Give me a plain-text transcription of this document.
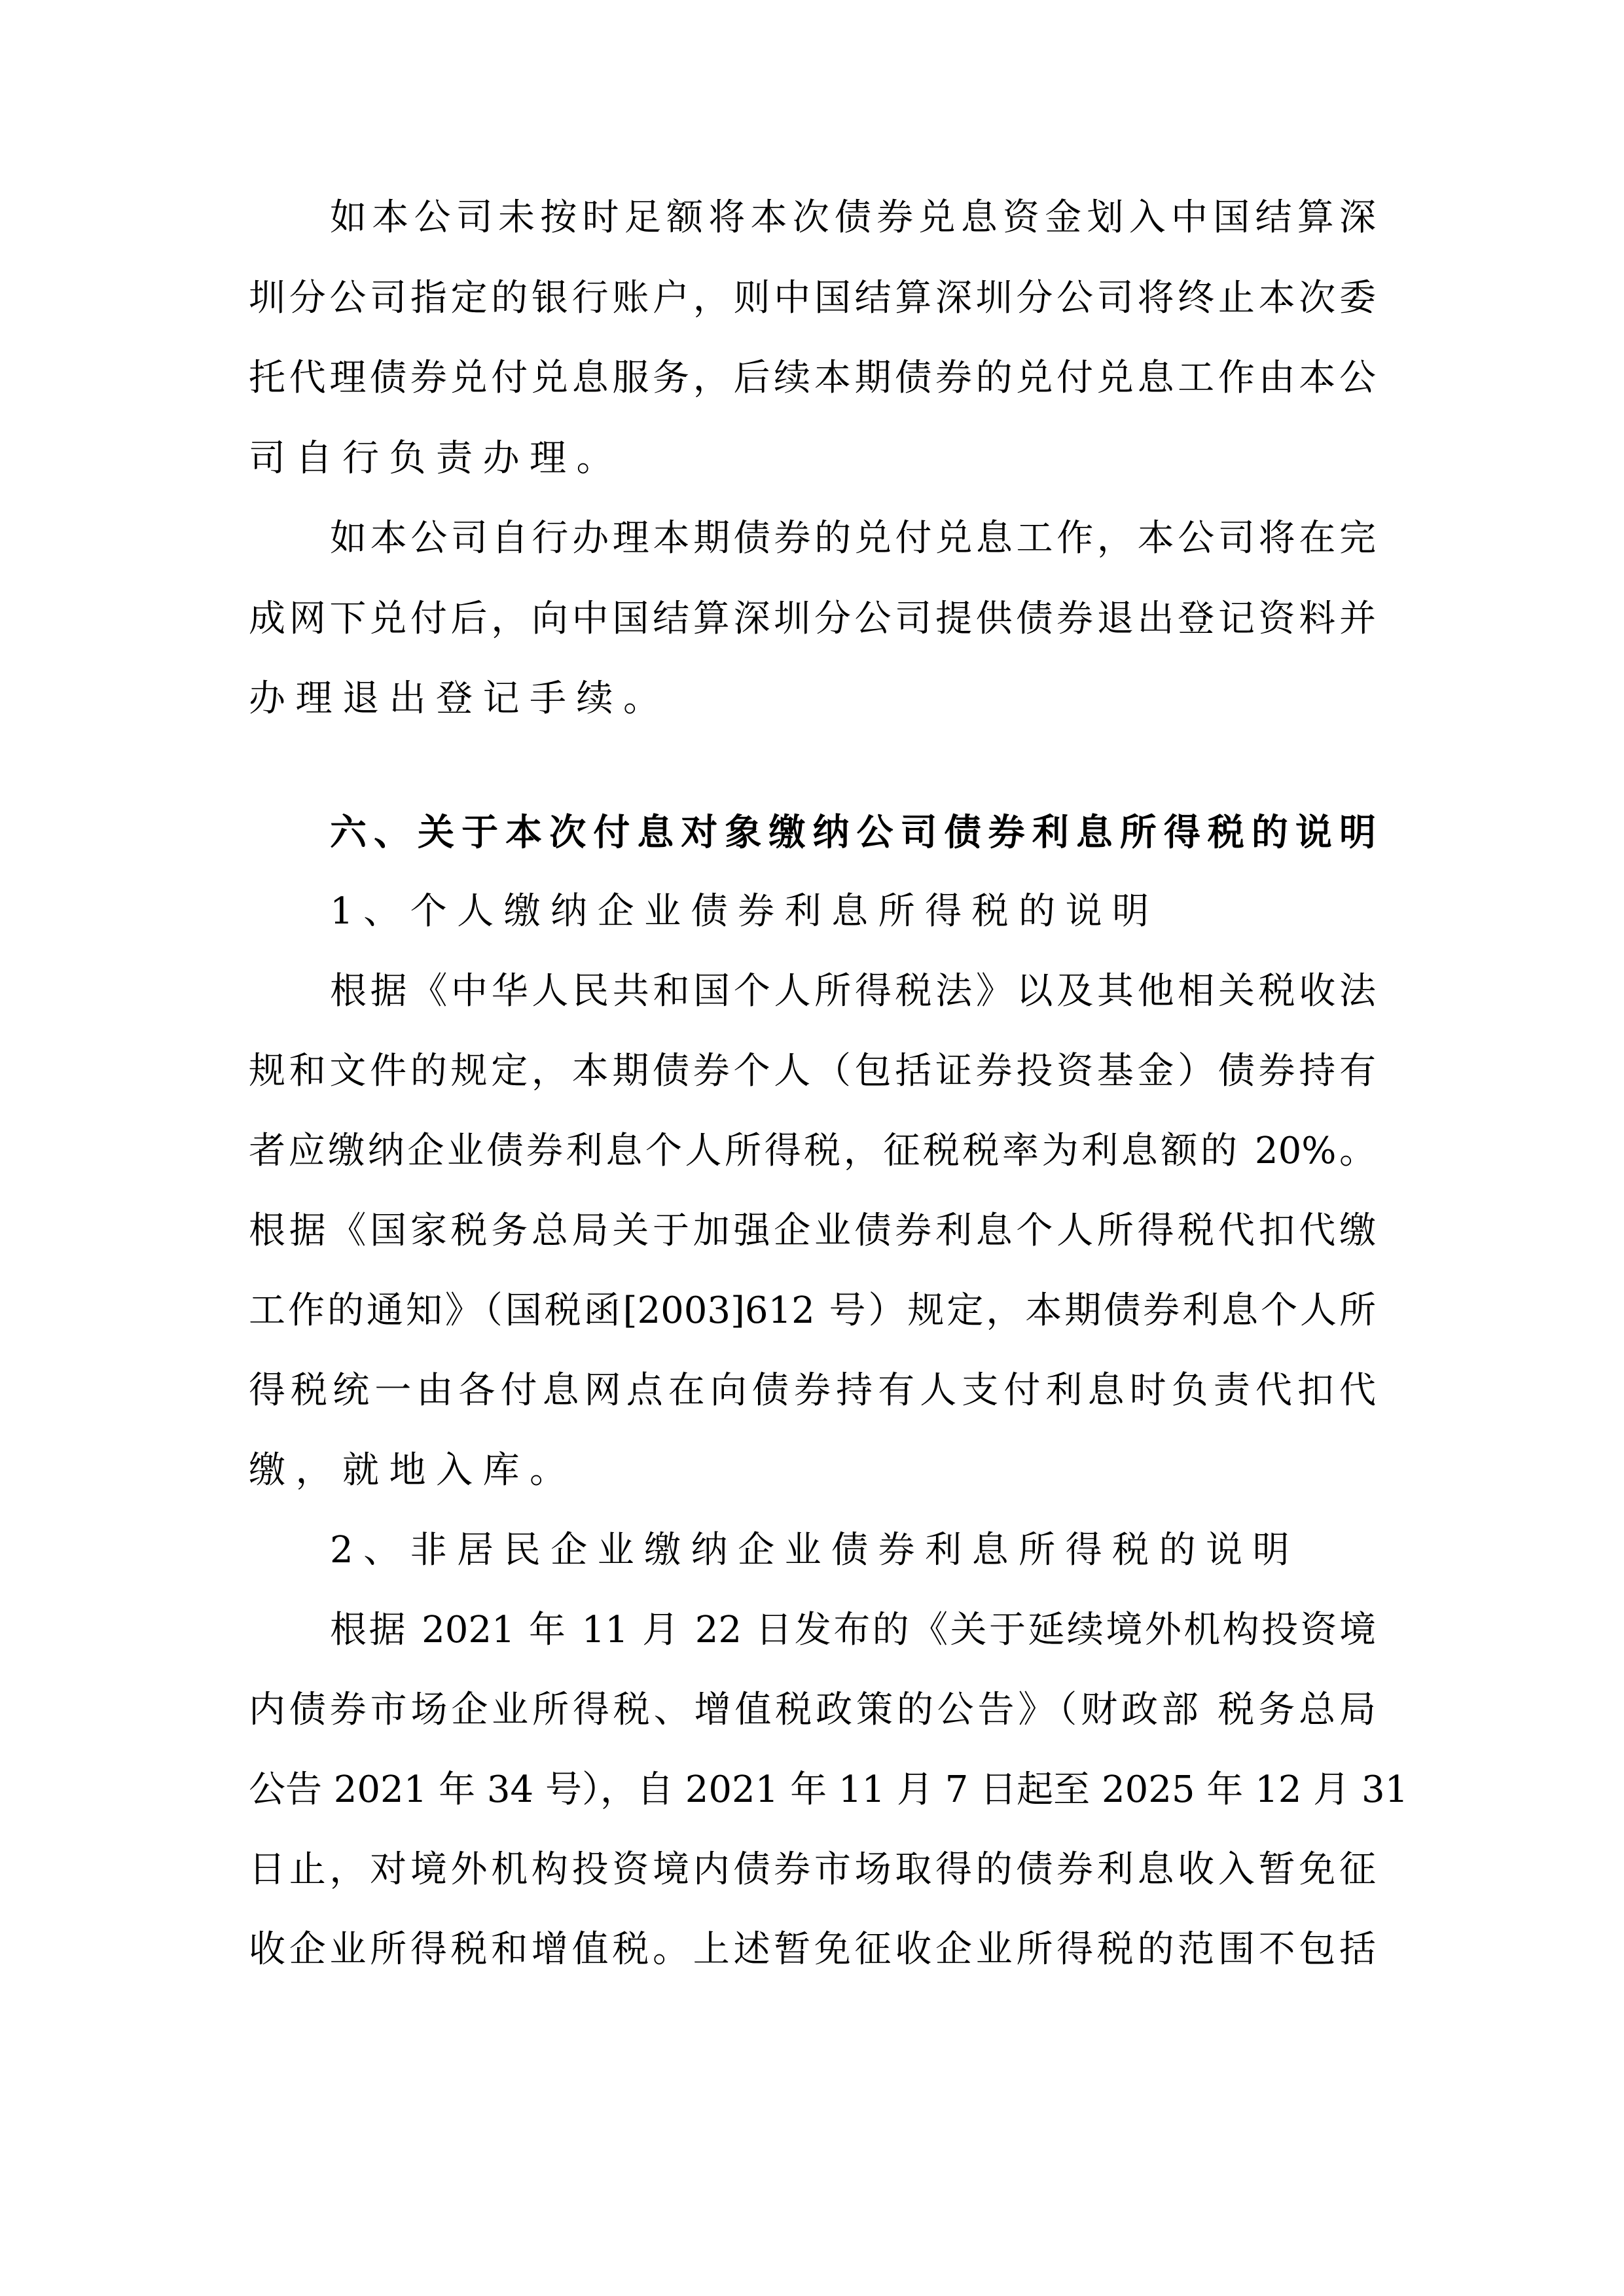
如本公司未按时足额将本次债券兑息资金划入中国结算深
圳分公司指定的银行账户，则中国结算深圳分公司将终止本次委
托代理债券兑付兑息服务，后续本期债券的兑付兑息工作由本公
司自行负责办理。
如本公司自行办理本期债券的兑付兑息工作，本公司将在完
成网下兑付后，向中国结算深圳分公司提供债券退出登记资料并
办理退出登记手续。
六、关于本次付息对象缴纳公司债券利息所得税的说明
1、个人缴纳企业债券利息所得税的说明
根据《中华人民共和国个人所得税法》以及其他相关税收法
规和文件的规定，本期债券个人（包括证券投资基金）债券持有
者应缴纳企业债券利息个人所得税，征税税率为利息额的 20%。
根据《国家税务总局关于加强企业债券利息个人所得税代扣代缴
工作的通知》（国税函[2003]612 号）规定，本期债券利息个人所
得税统一由各付息网点在向债券持有人支付利息时负责代扣代
缴，就地入库。
2、非居民企业缴纳企业债券利息所得税的说明
根据 2021 年 11 月 22 日发布的《关于延续境外机构投资境
内债券市场企业所得税、增值税政策的公告》（财政部 税务总局
公告 2021 年 34 号），自 2021 年 11 月 7 日起至 2025 年 12 月 31
日止，对境外机构投资境内债券市场取得的债券利息收入暂免征
收企业所得税和增值税。上述暂免征收企业所得税的范围不包括
